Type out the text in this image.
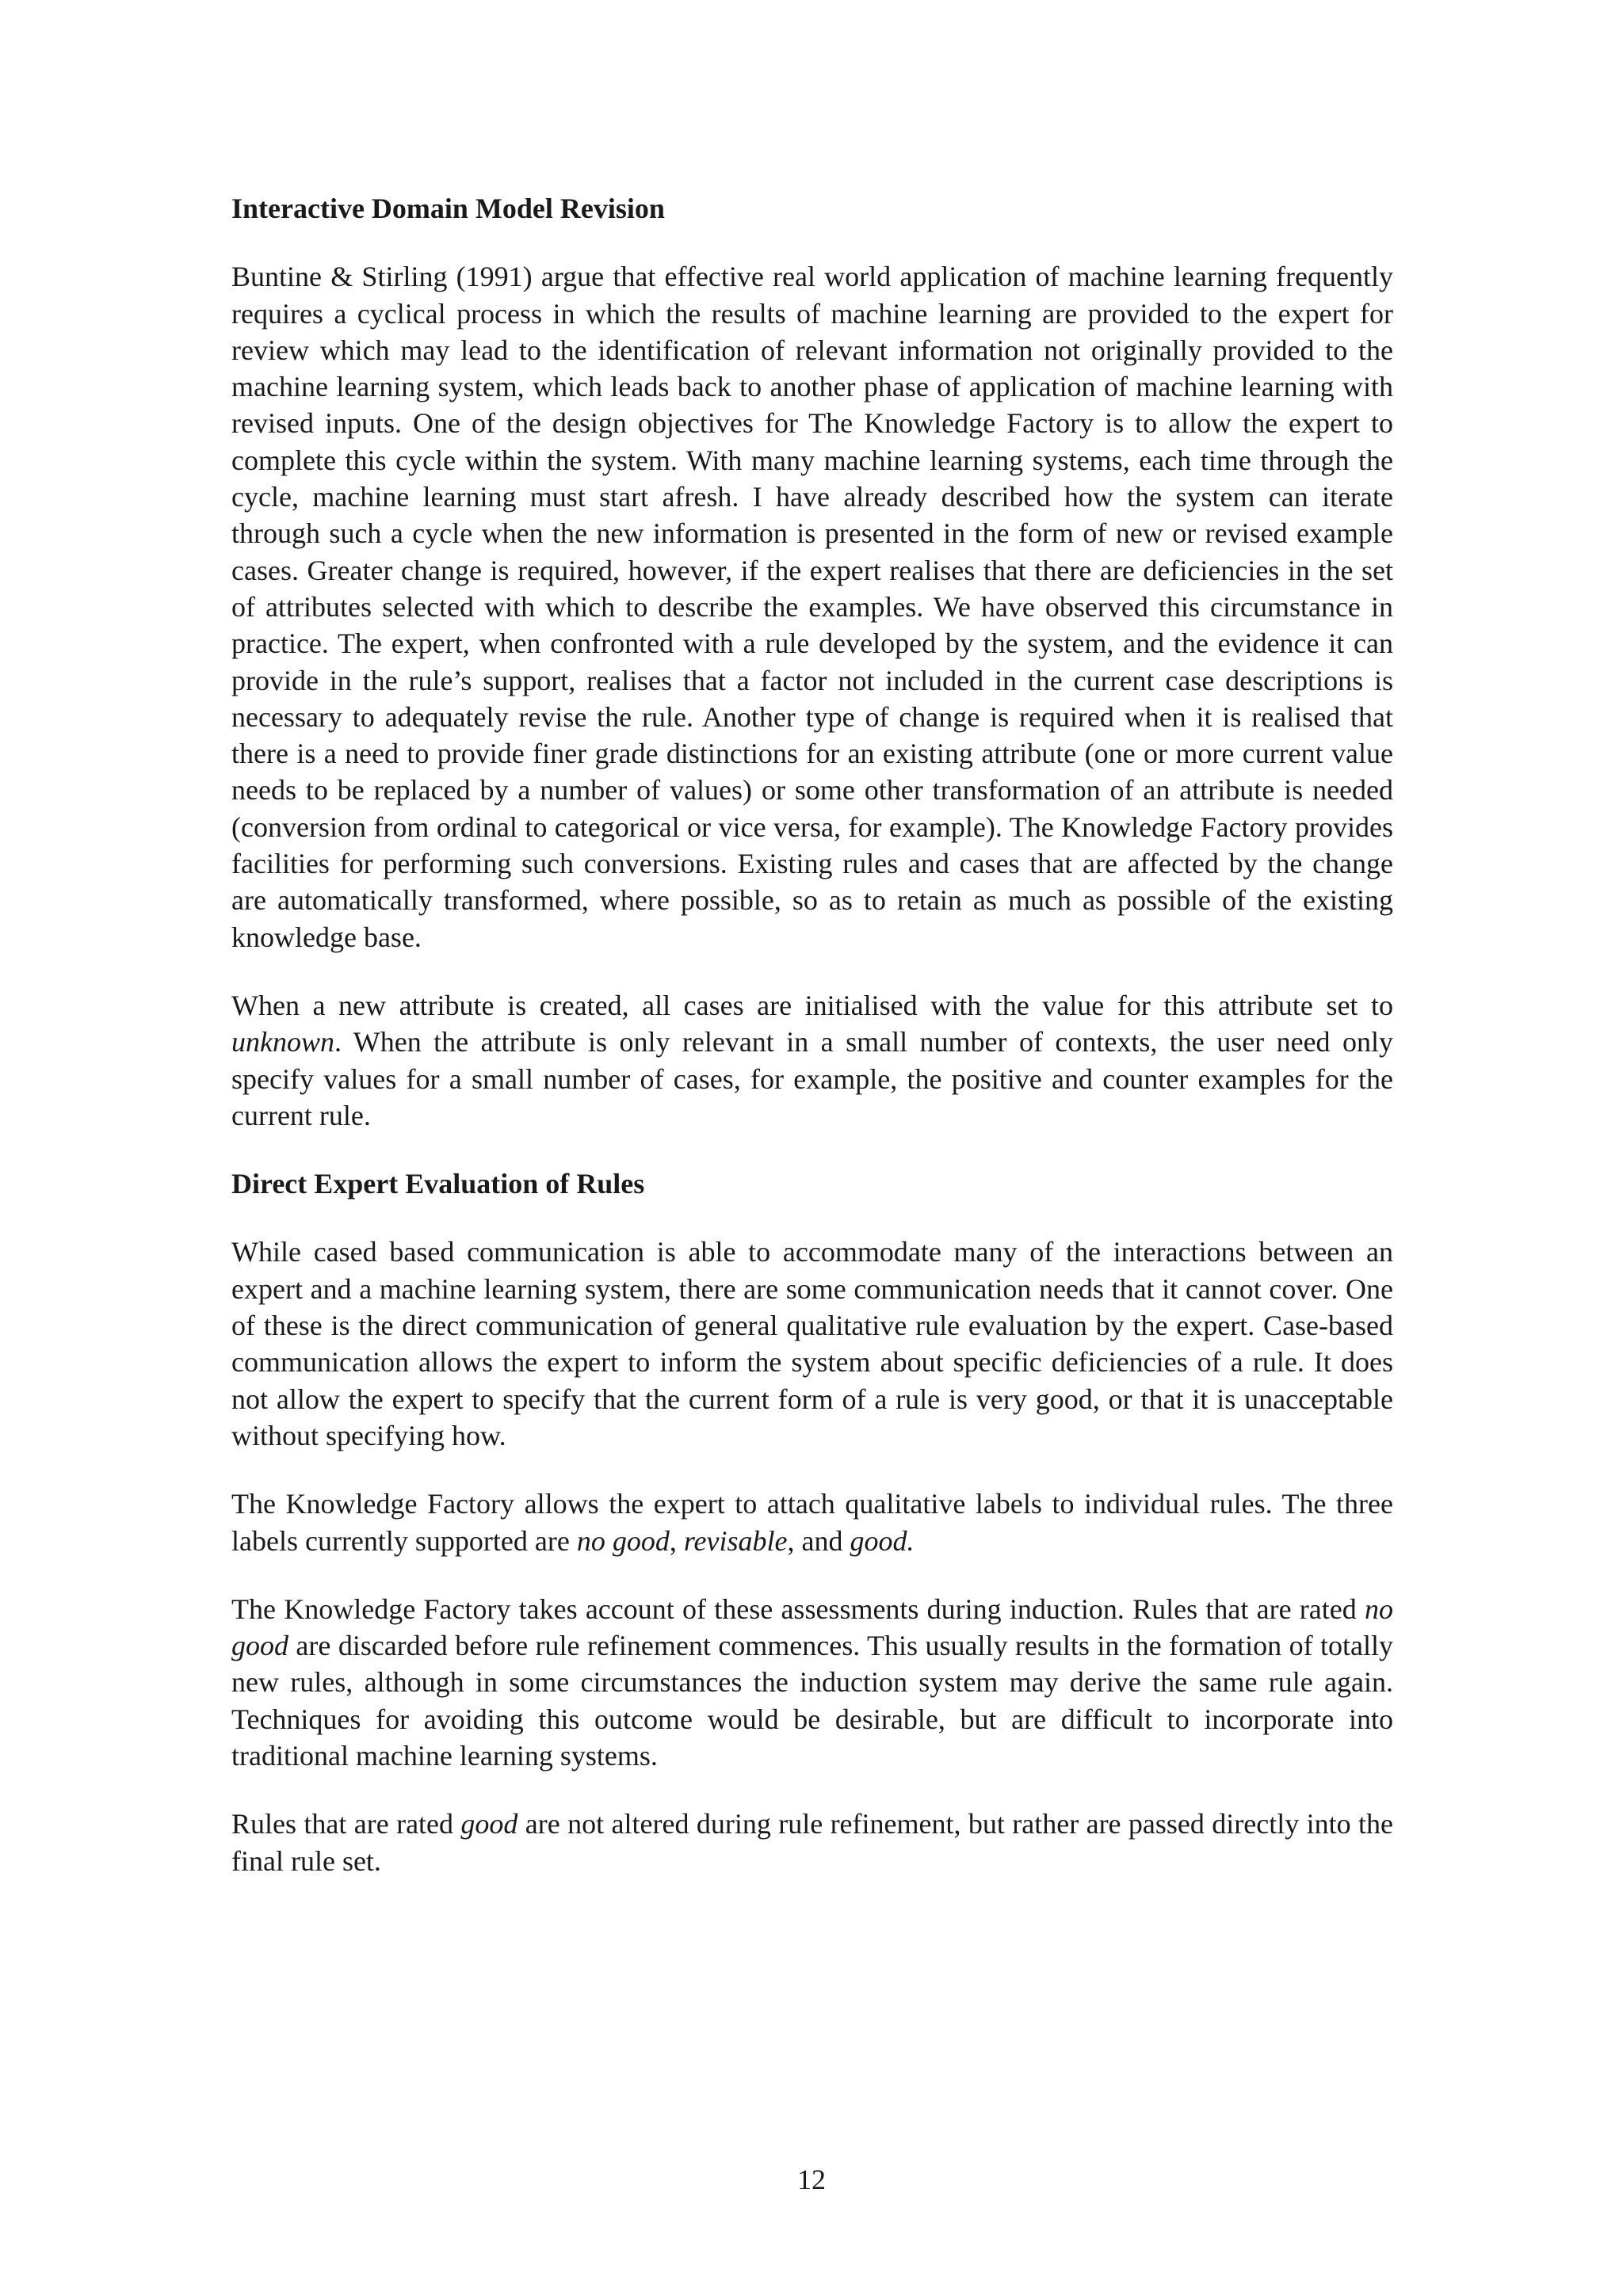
Interactive Domain Model Revision
Buntine & Stirling (1991) argue that effective real world application of machine learning frequently requires a cyclical process in which the results of machine learning are provided to the expert for review which may lead to the identification of relevant information not originally provided to the machine learning system, which leads back to another phase of application of machine learning with revised inputs. One of the design objectives for The Knowledge Factory is to allow the expert to complete this cycle within the system. With many machine learning systems, each time through the cycle, machine learning must start afresh. I have already described how the system can iterate through such a cycle when the new information is presented in the form of new or revised example cases. Greater change is required, however, if the expert realises that there are deficiencies in the set of attributes selected with which to describe the examples. We have observed this circumstance in practice. The expert, when confronted with a rule developed by the system, and the evidence it can provide in the rule’s support, realises that a factor not included in the current case descriptions is necessary to adequately revise the rule. Another type of change is required when it is realised that there is a need to provide finer grade distinctions for an existing attribute (one or more current value needs to be replaced by a number of values) or some other transformation of an attribute is needed (conversion from ordinal to categorical or vice versa, for example). The Knowledge Factory provides facilities for performing such conversions. Existing rules and cases that are affected by the change are automatically transformed, where possible, so as to retain as much as possible of the existing knowledge base.
When a new attribute is created, all cases are initialised with the value for this attribute set to unknown. When the attribute is only relevant in a small number of contexts, the user need only specify values for a small number of cases, for example, the positive and counter examples for the current rule.
Direct Expert Evaluation of Rules
While cased based communication is able to accommodate many of the interactions between an expert and a machine learning system, there are some communication needs that it cannot cover. One of these is the direct communication of general qualitative rule evaluation by the expert. Case-based communication allows the expert to inform the system about specific deficiencies of a rule. It does not allow the expert to specify that the current form of a rule is very good, or that it is unacceptable without specifying how.
The Knowledge Factory allows the expert to attach qualitative labels to individual rules. The three labels currently supported are no good, revisable, and good.
The Knowledge Factory takes account of these assessments during induction. Rules that are rated no good are discarded before rule refinement commences. This usually results in the formation of totally new rules, although in some circumstances the induction system may derive the same rule again. Techniques for avoiding this outcome would be desirable, but are difficult to incorporate into traditional machine learning systems.
Rules that are rated good are not altered during rule refinement, but rather are passed directly into the final rule set.
12
